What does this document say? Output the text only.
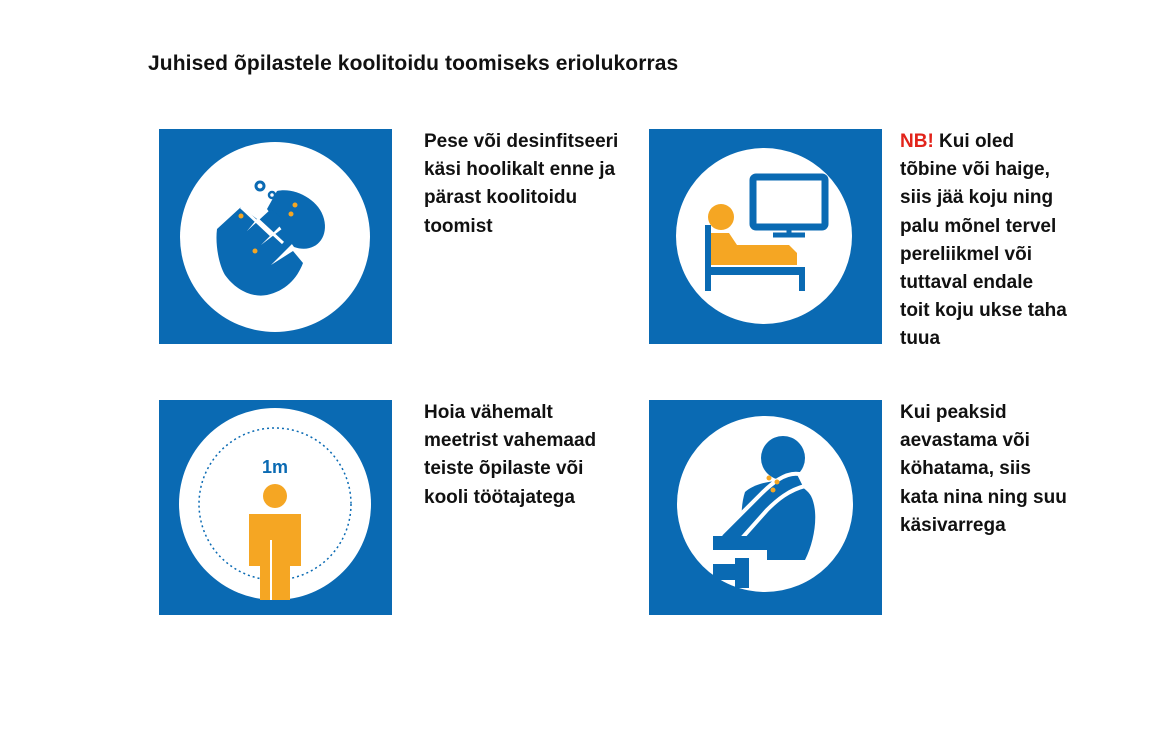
Juhised õpilastele koolitoidu toomiseks eriolukorras

Pese või desinfitseeri
käsi hoolikalt enne ja
pärast koolitoidu
toomist

NB! Kui oled
tõbine või haige,
siis jää koju ning
palu mõnel tervel
pereliikmel või
tuttaval endale
toit koju ukse taha
tuua

1m

Hoia vähemalt
meetrist vahemaad
teiste õpilaste või
kooli töötajatega

Kui peaksid
aevastama või
köhatama, siis
kata nina ning suu
käsivarrega
